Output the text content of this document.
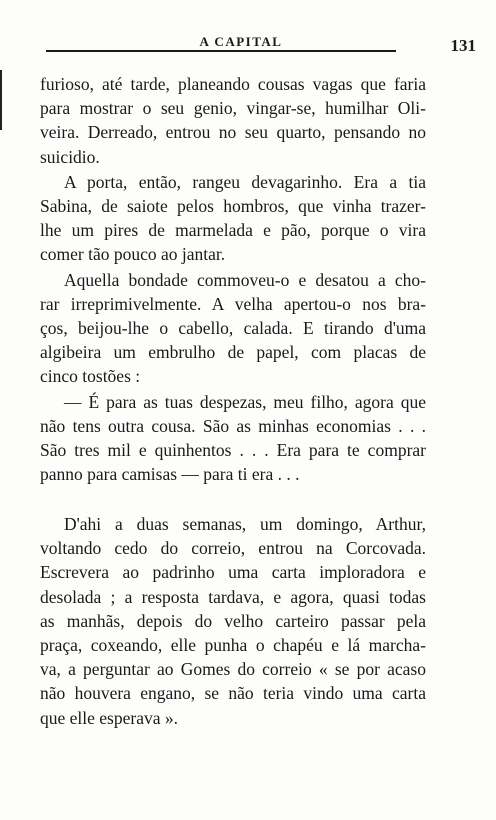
A CAPITAL	131

furioso, até tarde, planeando cousas vagas que faria
para mostrar o seu genio, vingar-se, humilhar Oli-
veira. Derreado, entrou no seu quarto, pensando no
suicidio.

A porta, então, rangeu devagarinho. Era a tia
Sabina, de saiote pelos hombros, que vinha trazer-
lhe um pires de marmelada e pão, porque o vira
comer tão pouco ao jantar.

Aquella bondade commoveu-o e desatou a cho-
rar irreprimivelmente. A velha apertou-o nos bra-
ços, beijou-lhe o cabello, calada. E tirando d'uma
algibeira um embrulho de papel, com placas de
cinco tostões :

— É para as tuas despezas, meu filho, agora que
não tens outra cousa. São as minhas economias . . .
São tres mil e quinhentos . . . Era para te comprar
panno para camisas — para ti era . . .

D'ahi a duas semanas, um domingo, Arthur,
voltando cedo do correio, entrou na Corcovada.
Escrevera ao padrinho uma carta imploradora e
desolada ; a resposta tardava, e agora, quasi todas
as manhãs, depois do velho carteiro passar pela
praça, coxeando, elle punha o chapéu e lá marcha-
va, a perguntar ao Gomes do correio « se por acaso
não houvera engano, se não teria vindo uma carta
que elle esperava ».
